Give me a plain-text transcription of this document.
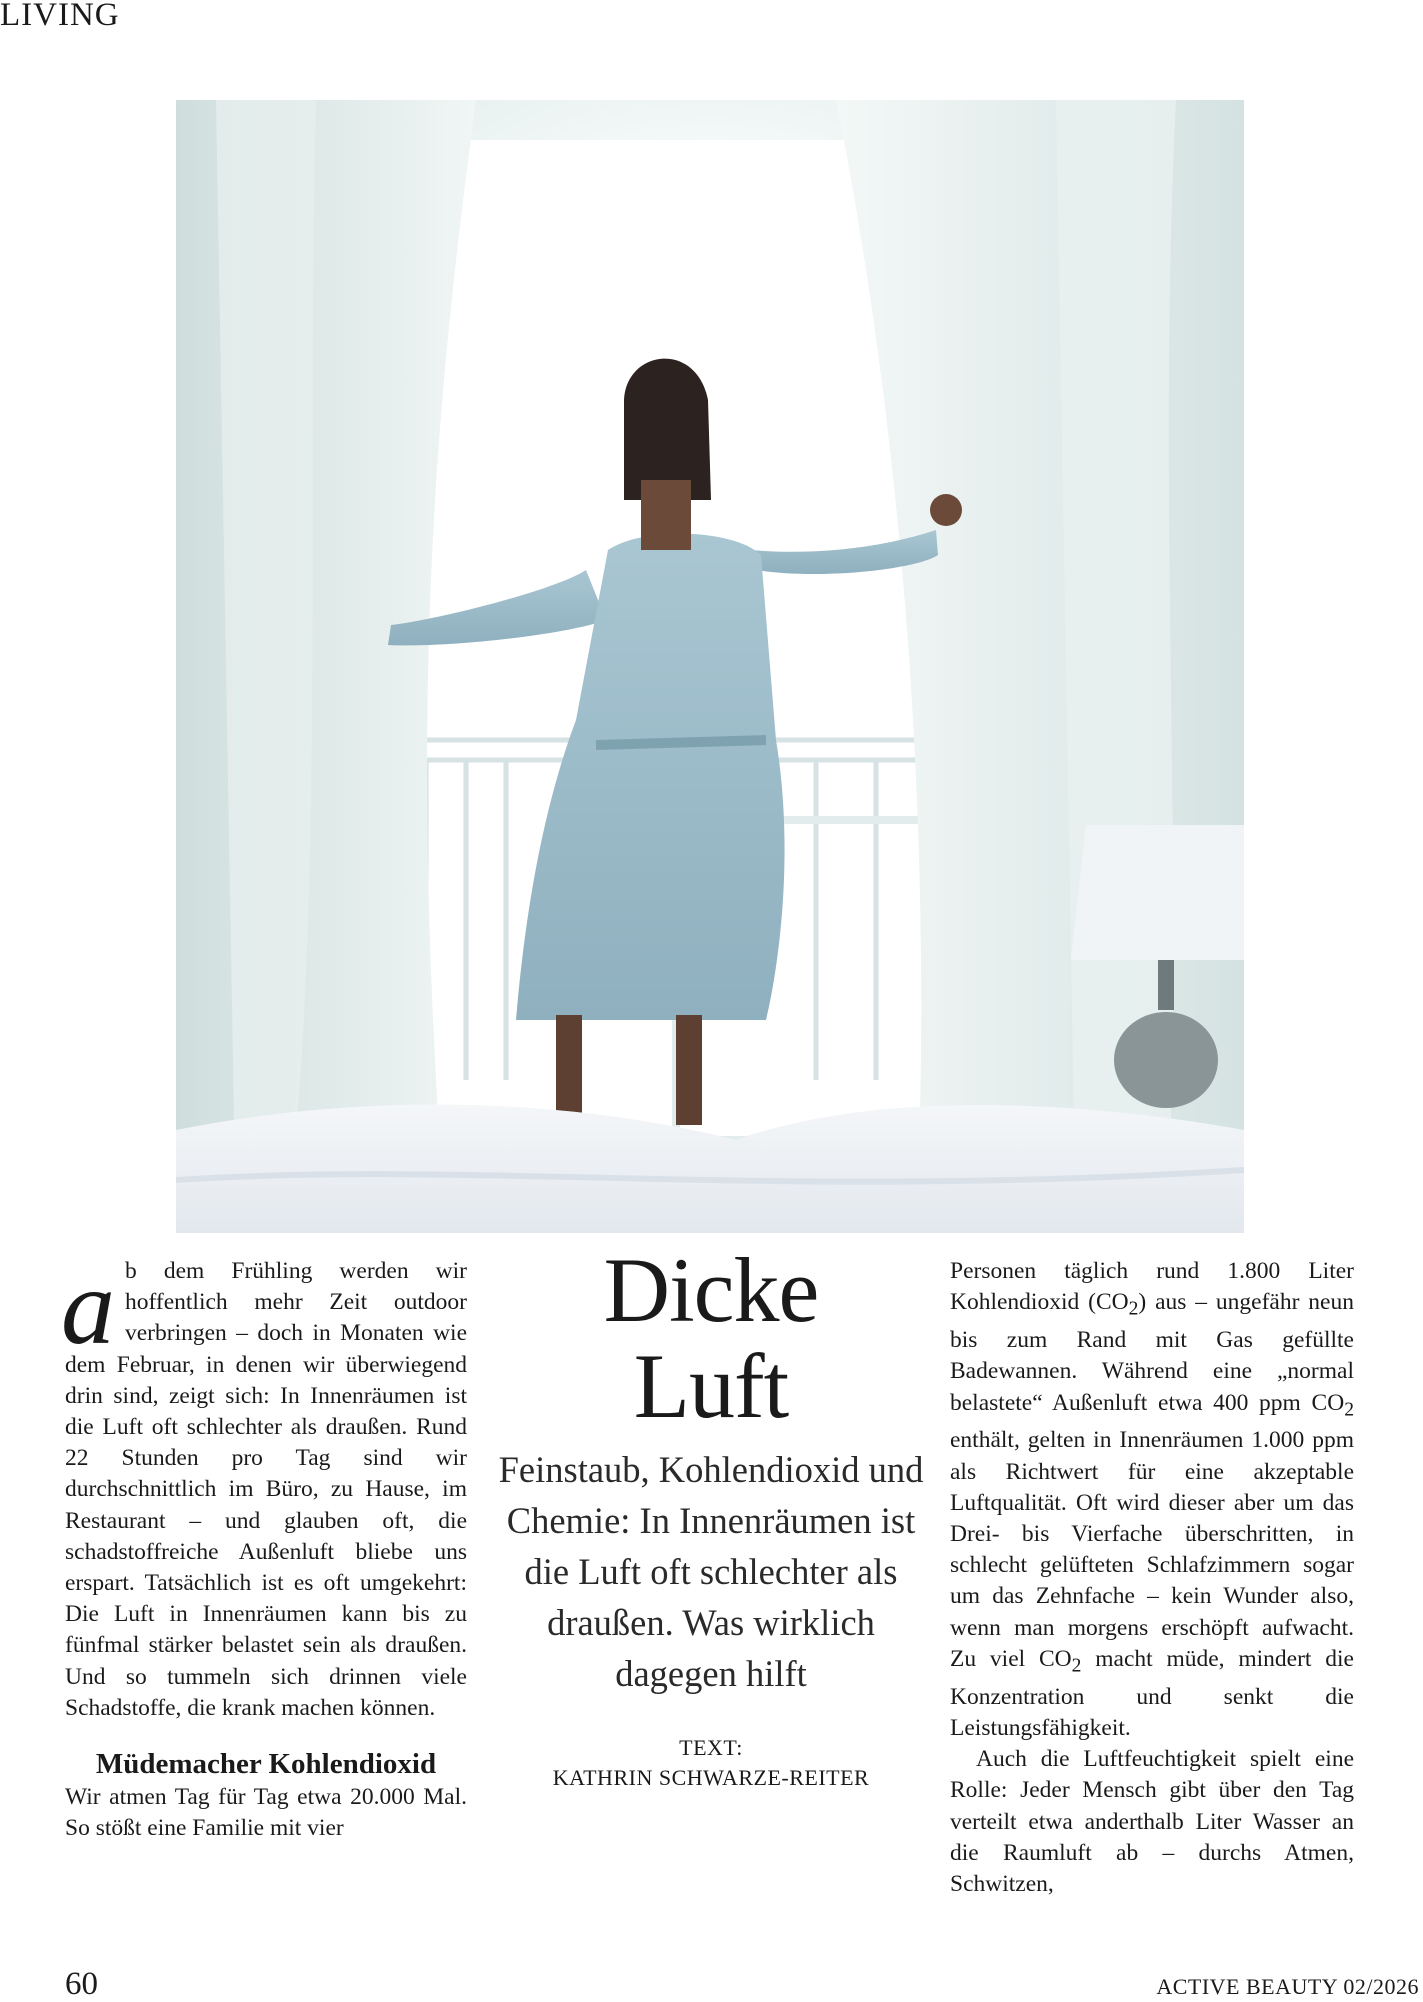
LIVING

ab dem Frühling werden wir hoffentlich mehr Zeit outdoor verbringen – doch in Monaten wie dem Februar, in denen wir überwiegend drin sind, zeigt sich: In Innenräumen ist die Luft oft schlechter als draußen. Rund 22 Stunden pro Tag sind wir durchschnittlich im Büro, zu Hause, im Restaurant – und glauben oft, die schadstoffreiche Außenluft bliebe uns erspart. Tatsächlich ist es oft umgekehrt: Die Luft in Innenräumen kann bis zu fünfmal stärker belastet sein als draußen. Und so tummeln sich drinnen viele Schadstoffe, die krank machen können.

Müdemacher Kohlendioxid

Wir atmen Tag für Tag etwa 20.000 Mal. So stößt eine Familie mit vier

Dicke
Luft

Feinstaub, Kohlendioxid und Chemie: In Innenräumen ist die Luft oft schlechter als draußen. Was wirklich dagegen hilft

TEXT:
KATHRIN SCHWARZE-REITER

Personen täglich rund 1.800 Liter Kohlendioxid $(CO_2)$ aus – ungefähr neun bis zum Rand mit Gas gefüllte Badewannen. Während eine „normal belastete“ Außenluft etwa 400 ppm $CO_2$ enthält, gelten in Innenräumen 1.000 ppm als Richtwert für eine akzeptable Luftqualität. Oft wird dieser aber um das Drei- bis Vierfache überschritten, in schlecht gelüfteten Schlafzimmern sogar um das Zehnfache – kein Wunder also, wenn man morgens erschöpft aufwacht. Zu viel $CO_2$ macht müde, mindert die Konzentration und senkt die Leistungsfähigkeit.

Auch die Luftfeuchtigkeit spielt eine Rolle: Jeder Mensch gibt über den Tag verteilt etwa anderthalb Liter Wasser an die Raumluft ab – durchs Atmen, Schwitzen,

60	ACTIVE BEAUTY 02/2026
